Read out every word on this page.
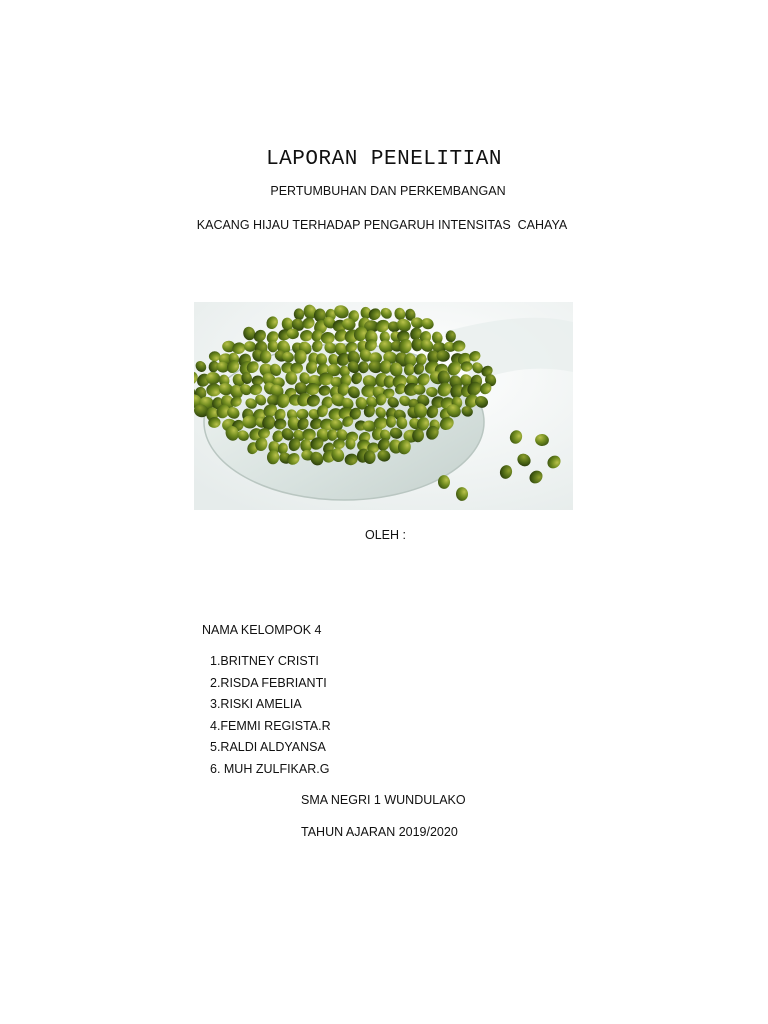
LAPORAN PENELITIAN
PERTUMBUHAN DAN PERKEMBANGAN
KACANG HIJAU TERHADAP PENGARUH INTENSITAS  CAHAYA
OLEH :
NAMA KELOMPOK 4
1.BRITNEY CRISTI
2.RISDA FEBRIANTI
3.RISKI AMELIA
4.FEMMI REGISTA.R
5.RALDI ALDYANSA
6. MUH ZULFIKAR.G
SMA NEGRI 1 WUNDULAKO
TAHUN AJARAN 2019/2020
